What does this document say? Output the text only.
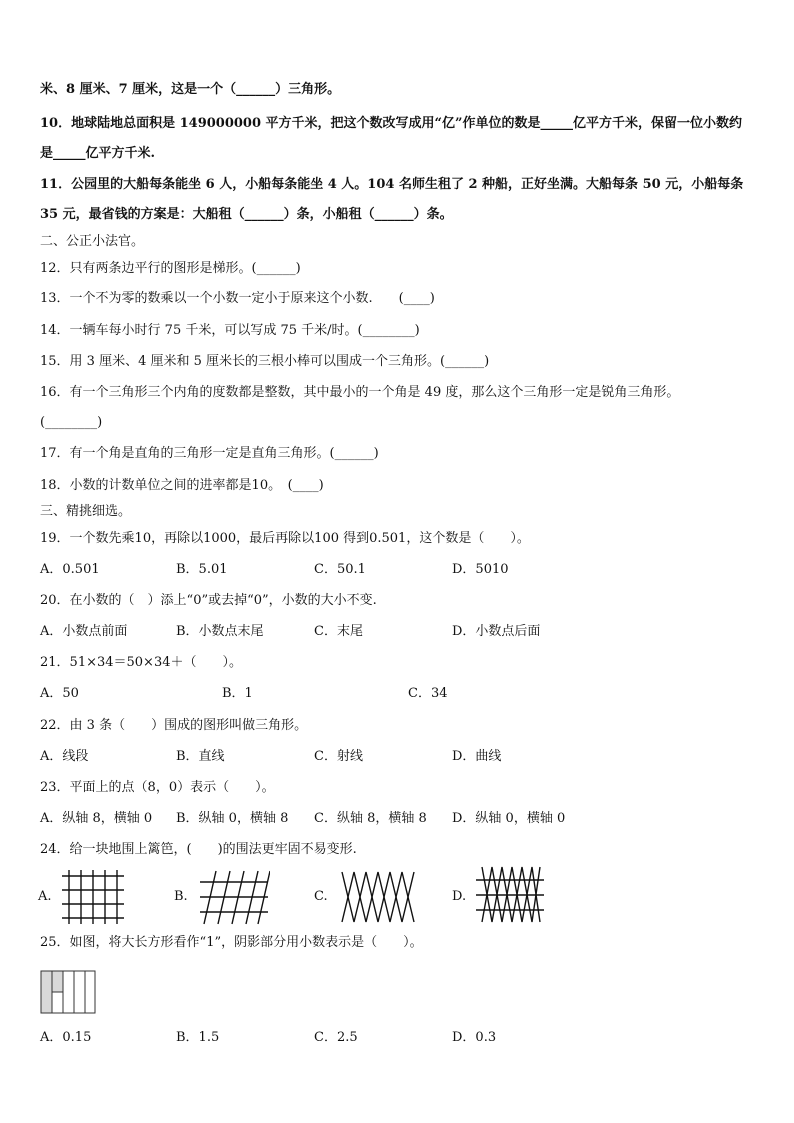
米、8 厘米、7 厘米，这是一个（______）三角形。
10．地球陆地总面积是 149000000 平方千米，把这个数改写成用“亿”作单位的数是_____亿平方千米，保留一位小数约
是_____亿平方千米.
11．公园里的大船每条能坐 6 人，小船每条能坐 4 人。104 名师生租了 2 种船，正好坐满。大船每条 50 元，小船每条
35 元，最省钱的方案是：大船租（______）条，小船租（______）条。
二、公正小法官。
12．只有两条边平行的图形是梯形。(______)
13．一个不为零的数乘以一个小数一定小于原来这个小数.　　(____)
14．一辆车每小时行 75 千米，可以写成 75 千米/时。(________)
15．用 3 厘米、4 厘米和 5 厘米长的三根小棒可以围成一个三角形。(______)
16．有一个三角形三个内角的度数都是整数，其中最小的一个角是 49 度，那么这个三角形一定是锐角三角形。
(________)
17．有一个角是直角的三角形一定是直角三角形。(______)
18．小数的计数单位之间的进率都是10。　(____)
三、精挑细选。
19．一个数先乘10，再除以1000，最后再除以100 得到0.501，这个数是（　　）。
A．0.501	B．5.01	C．50.1	D．5010
20．在小数的（　）添上“0”或去掉“0”，小数的大小不变.
A．小数点前面	B．小数点末尾	C．末尾	D．小数点后面
21．51×34＝50×34＋（　　）。
A．50	B．1	C．34
22．由 3 条（　　）围成的图形叫做三角形。
A．线段	B．直线	C．射线	D．曲线
23．平面上的点（8，0）表示（　　）。
A．纵轴 8，横轴 0 B．纵轴 0，横轴 8 C．纵轴 8，横轴 8 D．纵轴 0，横轴 0
24．给一块地围上篱笆，(　　)的围法更牢固不易变形.
A.	B.	C.	D.
25．如图，将大长方形看作“1”，阴影部分用小数表示是（　　）。
A．0.15	B．1.5	C．2.5	D．0.3
